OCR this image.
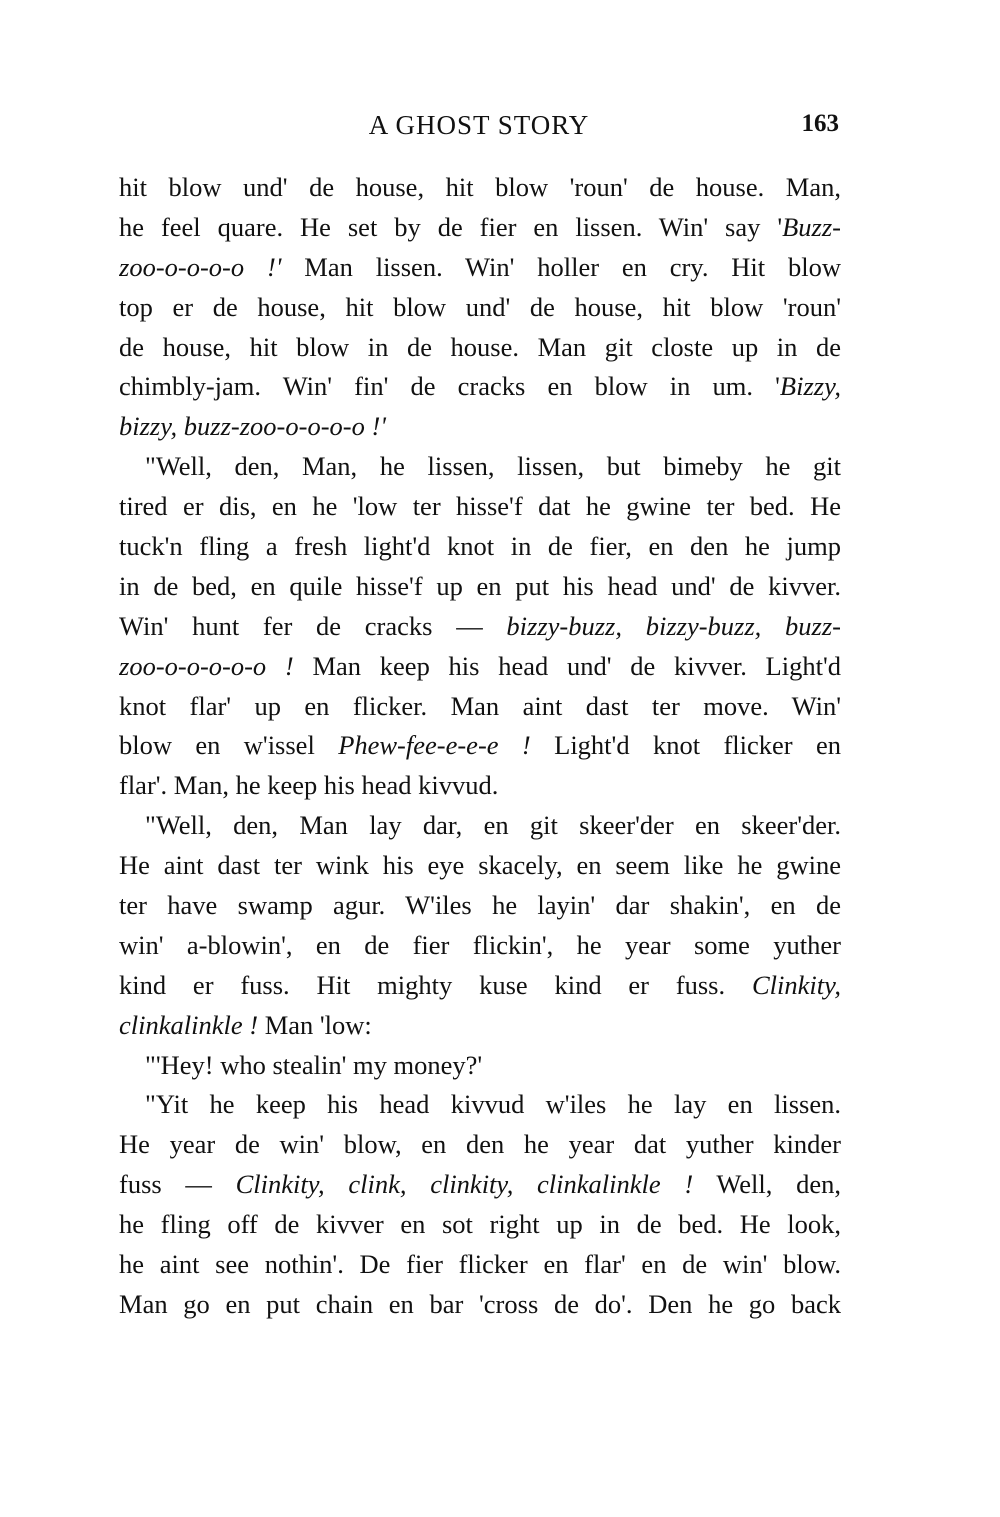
A GHOST STORY	163
hit blow und' de house, hit blow 'roun' de house. Man,
he feel quare. He set by de fier en lissen. Win' say 'Buzz-
zoo-o-o-o-o !' Man lissen. Win' holler en cry. Hit blow
top er de house, hit blow und' de house, hit blow 'roun'
de house, hit blow in de house. Man git closte up in de
chimbly-jam. Win' fin' de cracks en blow in um. 'Bizzy,
bizzy, buzz-zoo-o-o-o-o !'
"Well, den, Man, he lissen, lissen, but bimeby he git
tired er dis, en he 'low ter hisse'f dat he gwine ter bed. He
tuck'n fling a fresh light'd knot in de fier, en den he jump
in de bed, en quile hisse'f up en put his head und' de kivver.
Win' hunt fer de cracks — bizzy-buzz, bizzy-buzz, buzz-
zoo-o-o-o-o-o ! Man keep his head und' de kivver. Light'd
knot flar' up en flicker. Man aint dast ter move. Win'
blow en w'issel Phew-fee-e-e-e ! Light'd knot flicker en
flar'. Man, he keep his head kivvud.
"Well, den, Man lay dar, en git skeer'der en skeer'der.
He aint dast ter wink his eye skacely, en seem like he gwine
ter have swamp agur. W'iles he layin' dar shakin', en de
win' a-blowin', en de fier flickin', he year some yuther
kind er fuss. Hit mighty kuse kind er fuss. Clinkity,
clinkalinkle ! Man 'low:
"'Hey! who stealin' my money?'
"Yit he keep his head kivvud w'iles he lay en lissen.
He year de win' blow, en den he year dat yuther kinder
fuss — Clinkity, clink, clinkity, clinkalinkle ! Well, den,
he fling off de kivver en sot right up in de bed. He look,
he aint see nothin'. De fier flicker en flar' en de win' blow.
Man go en put chain en bar 'cross de do'. Den he go back
